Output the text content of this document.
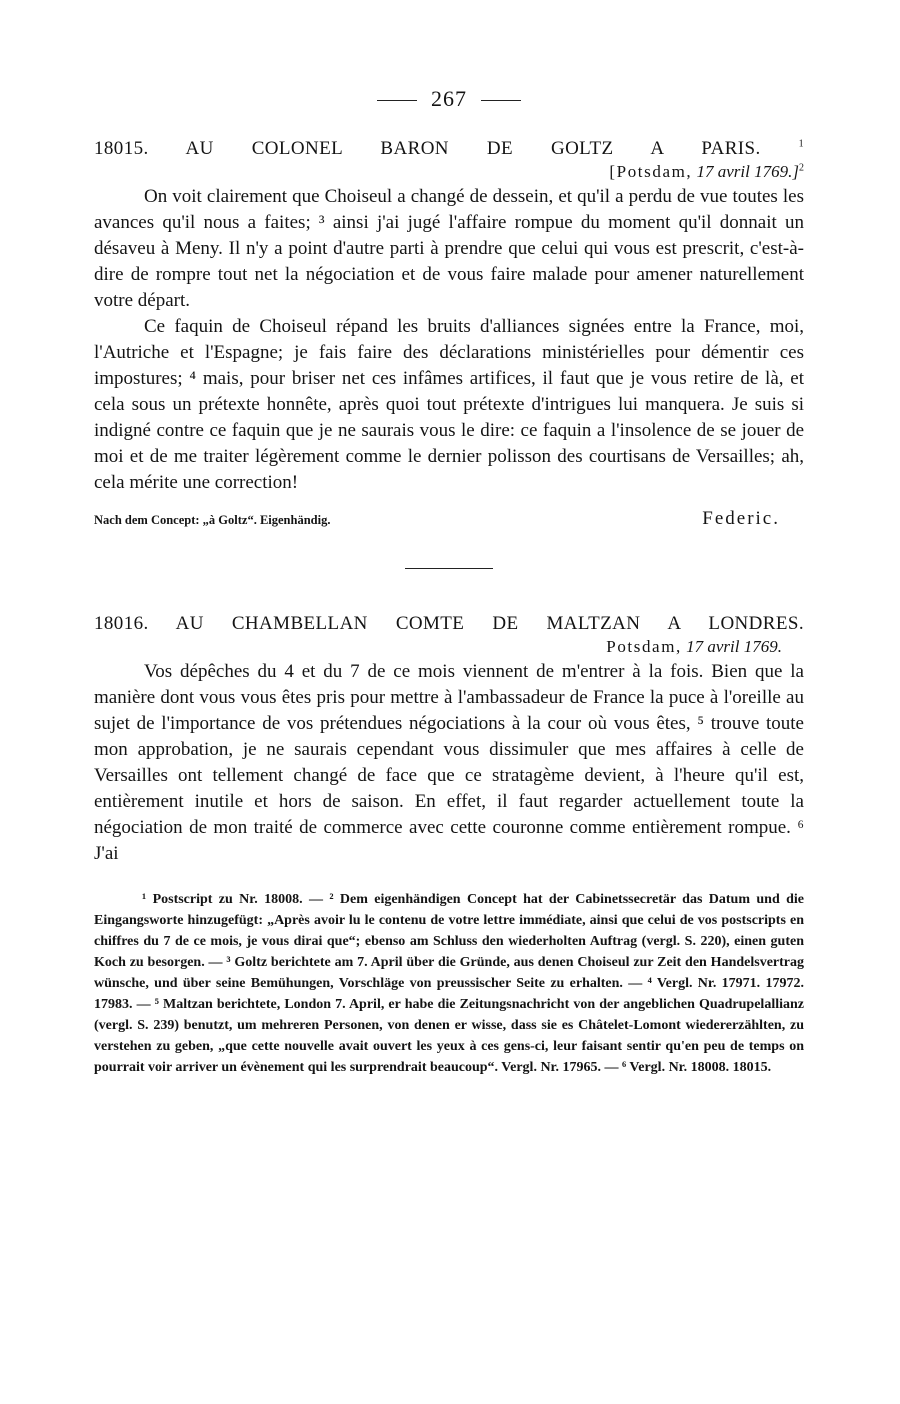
267
18015. AU COLONEL BARON DE GOLTZ A PARIS.	$^1$
[Potsdam, 17 avril 1769.]$^2$

On voit clairement que Choiseul a changé de dessein, et qu'il a perdu de vue toutes les avances qu'il nous a faites; ³ ainsi j'ai jugé l'affaire rompue du moment qu'il donnait un désaveu à Meny. Il n'y a point d'autre parti à prendre que celui qui vous est prescrit, c'est-à-dire de rompre tout net la négociation et de vous faire malade pour amener naturellement votre départ.

Ce faquin de Choiseul répand les bruits d'alliances signées entre la France, moi, l'Autriche et l'Espagne; je fais faire des déclarations ministérielles pour démentir ces impostures; ⁴ mais, pour briser net ces infâmes artifices, il faut que je vous retire de là, et cela sous un prétexte honnête, après quoi tout prétexte d'intrigues lui manquera. Je suis si indigné contre ce faquin que je ne saurais vous le dire: ce faquin a l'insolence de se jouer de moi et de me traiter légèrement comme le dernier polisson des courtisans de Versailles; ah, cela mérite une correction!

Nach dem Concept: „à Goltz“. Eigenhändig.	Federic.
18016. AU CHAMBELLAN COMTE DE MALTZAN A LONDRES.
Potsdam, 17 avril 1769.

Vos dépêches du 4 et du 7 de ce mois viennent de m'entrer à la fois. Bien que la manière dont vous vous êtes pris pour mettre à l'ambassadeur de France la puce à l'oreille au sujet de l'importance de vos prétendues négociations à la cour où vous êtes, ⁵ trouve toute mon approbation, je ne saurais cependant vous dissimuler que mes affaires à celle de Versailles ont tellement changé de face que ce stratagème devient, à l'heure qu'il est, entièrement inutile et hors de saison. En effet, il faut regarder actuellement toute la négociation de mon traité de commerce avec cette couronne comme entièrement rompue. ⁶ J'ai

¹ Postscript zu Nr. 18008. — ² Dem eigenhändigen Concept hat der Cabinetssecretär das Datum und die Eingangsworte hinzugefügt: „Après avoir lu le contenu de votre lettre immédiate, ainsi que celui de vos postscripts en chiffres du 7 de ce mois, je vous dirai que“; ebenso am Schluss den wiederholten Auftrag (vergl. S. 220), einen guten Koch zu besorgen. — ³ Goltz berichtete am 7. April über die Gründe, aus denen Choiseul zur Zeit den Handelsvertrag wünsche, und über seine Bemühungen, Vorschläge von preussischer Seite zu erhalten. — ⁴ Vergl. Nr. 17971. 17972. 17983. — ⁵ Maltzan berichtete, London 7. April, er habe die Zeitungsnachricht von der angeblichen Quadrupelallianz (vergl. S. 239) benutzt, um mehreren Personen, von denen er wisse, dass sie es Châtelet-Lomont wiedererzählten, zu verstehen zu geben, „que cette nouvelle avait ouvert les yeux à ces gens-ci, leur faisant sentir qu'en peu de temps on pourrait voir arriver un évènement qui les surprendrait beaucoup“. Vergl. Nr. 17965. — ⁶ Vergl. Nr. 18008. 18015.
